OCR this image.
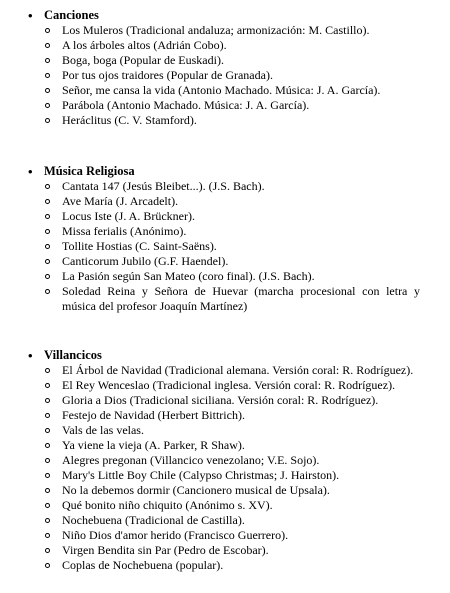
• Canciones
Los Muleros (Tradicional andaluza; armonización: M. Castillo).
A los árboles altos (Adrián Cobo).
Boga, boga (Popular de Euskadi).
Por tus ojos traidores (Popular de Granada).
Señor, me cansa la vida (Antonio Machado. Música: J. A. García).
Parábola (Antonio Machado. Música: J. A. García).
Heráclitus (C. V. Stamford).
• Música Religiosa
Cantata 147 (Jesús Bleibet...). (J.S. Bach).
Ave María (J. Arcadelt).
Locus Iste (J. A. Brückner).
Missa ferialis (Anónimo).
Tollite Hostias (C. Saint-Saëns).
Canticorum Jubilo (G.F. Haendel).
La Pasión según San Mateo (coro final). (J.S. Bach).
Soledad Reina y Señora de Huevar (marcha procesional con letra y música del profesor Joaquín Martínez)
• Villancicos
El Árbol de Navidad (Tradicional alemana. Versión coral: R. Rodríguez).
El Rey Wenceslao (Tradicional inglesa. Versión coral: R. Rodríguez).
Gloria a Dios (Tradicional siciliana. Versión coral: R. Rodríguez).
Festejo de Navidad (Herbert Bittrich).
Vals de las velas.
Ya viene la vieja (A. Parker, R Shaw).
Alegres pregonan (Villancico venezolano; V.E. Sojo).
Mary's Little Boy Chile (Calypso Christmas; J. Hairston).
No la debemos dormir (Cancionero musical de Upsala).
Qué bonito niño chiquito (Anónimo s. XV).
Nochebuena (Tradicional de Castilla).
Niño Dios d'amor herido (Francisco Guerrero).
Virgen Bendita sin Par (Pedro de Escobar).
Coplas de Nochebuena (popular).
